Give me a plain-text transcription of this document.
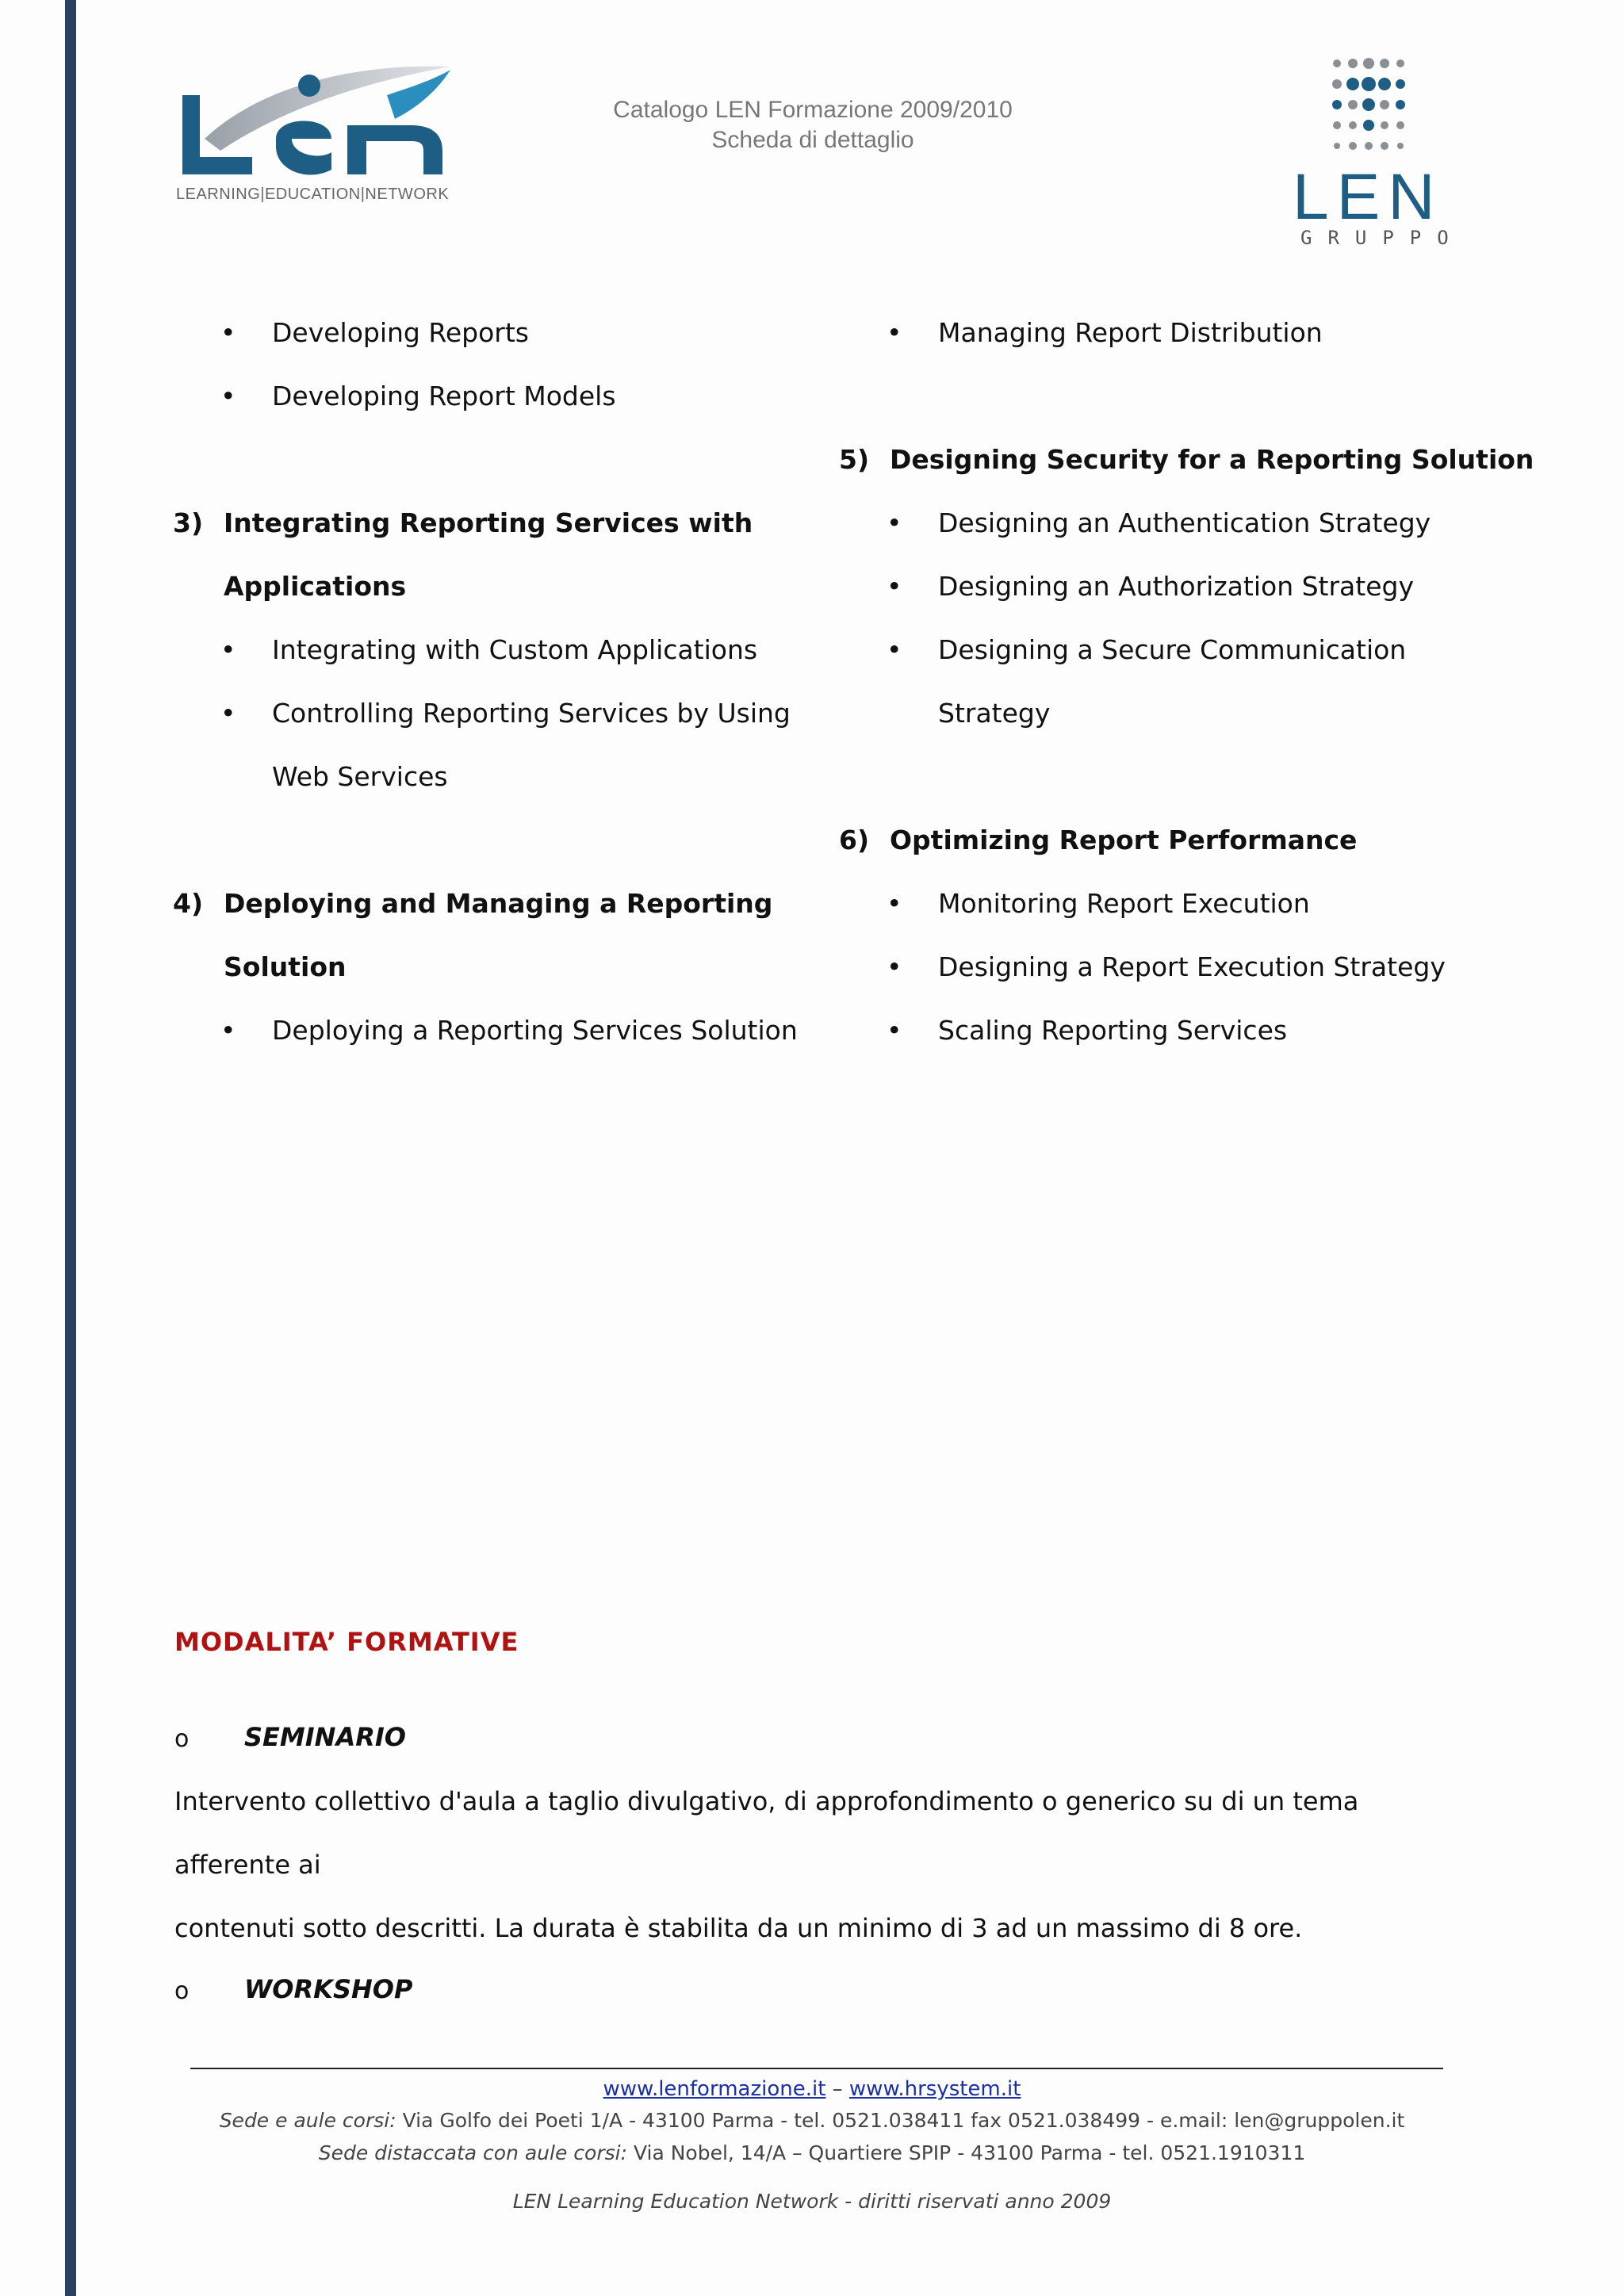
LEARNING|EDUCATION|NETWORK
Catalogo LEN Formazione 2009/2010
Scheda di dettaglio
LEN
GRUPPO
• Developing Reports
• Developing Report Models
3) Integrating Reporting Services with
Applications
• Integrating with Custom Applications
• Controlling Reporting Services by Using
Web Services
4) Deploying and Managing a Reporting
Solution
• Deploying a Reporting Services Solution
• Managing Report Distribution
5) Designing Security for a Reporting Solution
• Designing an Authentication Strategy
• Designing an Authorization Strategy
• Designing a Secure Communication
Strategy
6) Optimizing Report Performance
• Monitoring Report Execution
• Designing a Report Execution Strategy
• Scaling Reporting Services
MODALITA’ FORMATIVE
o SEMINARIO
Intervento collettivo d'aula a taglio divulgativo, di approfondimento o generico su di un tema afferente ai
contenuti sotto descritti. La durata è stabilita da un minimo di 3 ad un massimo di 8 ore.
o WORKSHOP
www.lenformazione.it – www.hrsystem.it
Sede e aule corsi: Via Golfo dei Poeti 1/A - 43100 Parma - tel. 0521.038411 fax 0521.038499 - e.mail: len@gruppolen.it
Sede distaccata con aule corsi: Via Nobel, 14/A – Quartiere SPIP - 43100 Parma - tel. 0521.1910311
LEN Learning Education Network - diritti riservati anno 2009
